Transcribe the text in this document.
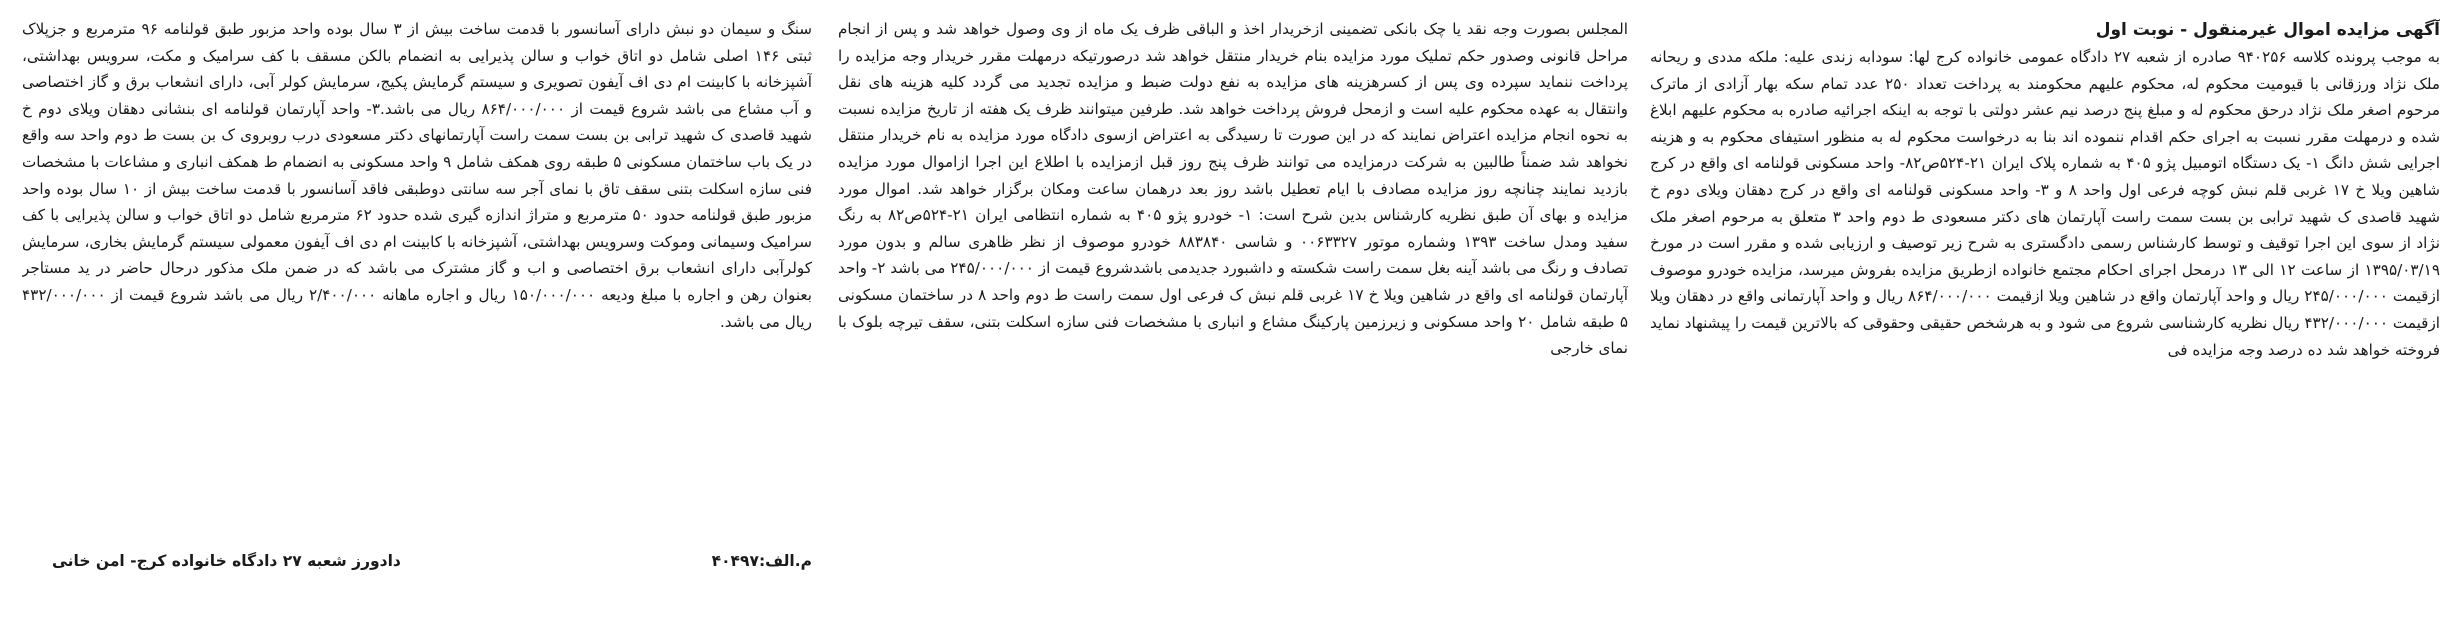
آگهی مزایده اموال غیرمنقول - نوبت اول
به موجب پرونده کلاسه ۹۴۰۲۵۶ صادره از شعبه ۲۷ دادگاه عمومی خانواده کرج لها: سودابه زندی علیه: ملکه مددی و ریحانه ملک نژاد ورزقانی با قیومیت محکوم له، محکوم علیهم محکومند به پرداخت تعداد ۲۵۰ عدد تمام سکه بهار آزادی از ماترک مرحوم اصغر ملک نژاد درحق محکوم له و مبلغ پنج درصد نیم عشر دولتی با توجه به اینکه اجرائیه صادره به محکوم علیهم ابلاغ شده و درمهلت مقرر نسبت به اجرای حکم اقدام ننموده اند بنا به درخواست محکوم له به منظور استیفای محکوم به و هزینه اجرایی شش دانگ ۱- یک دستگاه اتومبیل پژو ۴۰۵ به شماره پلاک ایران ۲۱-۵۲۴ص۸۲- واحد مسکونی قولنامه ای واقع در کرج شاهین ویلا خ ۱۷ غربی قلم نبش کوچه فرعی اول واحد ۸ و ۳- واحد مسکونی قولنامه ای واقع در کرج دهقان ویلای دوم خ شهید قاصدی ک شهید ترابی بن بست سمت راست آپارتمان های دکتر مسعودی ط دوم واحد ۳ متعلق به مرحوم اصغر ملک نژاد از سوی این اجرا توقیف و توسط کارشناس رسمی دادگستری به شرح زیر توصیف و ارزیابی شده و مقرر است در مورخ ۱۳۹۵/۰۳/۱۹ از ساعت ۱۲ الی ۱۳ درمحل اجرای احکام مجتمع خانواده ازطریق مزایده بفروش میرسد، مزایده خودرو موصوف ازقیمت ۲۴۵/۰۰۰/۰۰۰ ریال و واحد آپارتمان واقع در شاهین ویلا ازقیمت ۸۶۴/۰۰۰/۰۰۰ ریال و واحد آپارتمانی واقع در دهقان ویلا ازقیمت ۴۳۲/۰۰۰/۰۰۰ ریال نظریه کارشناسی شروع می شود و به هرشخص حقیقی وحقوقی که بالاترین قیمت را پیشنهاد نماید فروخته خواهد شد ده درصد وجه مزایده فی

المجلس بصورت وجه نقد یا چک بانکی تضمینی ازخریدار اخذ و الباقی ظرف یک ماه از وی وصول خواهد شد و پس از انجام مراحل قانونی وصدور حکم تملیک مورد مزایده بنام خریدار منتقل خواهد شد درصورتیکه درمهلت مقرر خریدار وجه مزایده را پرداخت ننماید سپرده وی پس از کسرهزینه های مزایده به نفع دولت ضبط و مزایده تجدید می گردد کلیه هزینه های نقل وانتقال به عهده محکوم علیه است و ازمحل فروش پرداخت خواهد شد. طرفین میتوانند ظرف یک هفته از تاریخ مزایده نسبت به نحوه انجام مزایده اعتراض نمایند که در این صورت تا رسیدگی به اعتراض ازسوی دادگاه مورد مزایده به نام خریدار منتقل نخواهد شد ضمناً طالبین به شرکت درمزایده می توانند ظرف پنج روز قبل ازمزایده با اطلاع این اجرا ازاموال مورد مزایده بازدید نمایند چنانچه روز مزایده مصادف با ایام تعطیل باشد روز بعد درهمان ساعت ومکان برگزار خواهد شد. اموال مورد مزایده و بهای آن طبق نظریه کارشناس بدین شرح است: ۱- خودرو پژو ۴۰۵ به شماره انتظامی ایران ۲۱-۵۲۴ص۸۲ به رنگ سفید ومدل ساخت ۱۳۹۳ وشماره موتور ۰۰۶۳۳۲۷ و شاسی ۸۸۳۸۴۰ خودرو موصوف از نظر ظاهری سالم و بدون مورد تصادف و رنگ می باشد آینه بغل سمت راست شکسته و داشبورد جدیدمی باشدشروع قیمت از ۲۴۵/۰۰۰/۰۰۰ می باشد ۲- واحد آپارتمان قولنامه ای واقع در شاهین ویلا خ ۱۷ غربی قلم نبش ک فرعی اول سمت راست ط دوم واحد ۸ در ساختمان مسکونی ۵ طبقه شامل ۲۰ واحد مسکونی و زیرزمین پارکینگ مشاع و انباری با مشخصات فنی سازه اسکلت بتنی، سقف تیرچه بلوک با نمای خارجی

سنگ و سیمان دو نبش دارای آسانسور با قدمت ساخت بیش از ۳ سال بوده واحد مزبور طبق قولنامه ۹۶ مترمربع و جزپلاک ثبتی ۱۴۶ اصلی شامل دو اتاق خواب و سالن پذیرایی به انضمام بالکن مسقف با کف سرامیک و مکت، سرویس بهداشتی، آشپزخانه با کابینت ام دی اف آیفون تصویری و سیستم گرمایش پکیج، سرمایش کولر آبی، دارای انشعاب برق و گاز اختصاصی و آب مشاع می باشد شروع قیمت از ۸۶۴/۰۰۰/۰۰۰ ریال می باشد.۳- واحد آپارتمان قولنامه ای بنشانی دهقان ویلای دوم خ شهید قاصدی ک شهید ترابی بن بست سمت راست آپارتمانهای دکتر مسعودی درب روبروی ک بن بست ط دوم واحد سه واقع در یک باب ساختمان مسکونی ۵ طبقه روی همکف شامل ۹ واحد مسکونی به انضمام ط همکف انباری و مشاعات با مشخصات فنی سازه اسکلت بتنی سقف تاق با نمای آجر سه سانتی دوطبقی فاقد آسانسور با قدمت ساخت بیش از ۱۰ سال بوده واحد مزبور طبق قولنامه حدود ۵۰ مترمربع و متراژ اندازه گیری شده حدود ۶۲ مترمربع شامل دو اتاق خواب و سالن پذیرایی با کف سرامیک وسیمانی وموکت وسرویس بهداشتی، آشپزخانه با کابینت ام دی اف آیفون معمولی سیستم گرمایش بخاری، سرمایش کولرآبی دارای انشعاب برق اختصاصی و اب و گاز مشترک می باشد که در ضمن ملک مذکور درحال حاضر در ید مستاجر بعنوان رهن و اجاره با مبلغ ودیعه ۱۵۰/۰۰۰/۰۰۰ ریال و اجاره ماهانه ۲/۴۰۰/۰۰۰ ریال می باشد شروع قیمت از ۴۳۲/۰۰۰/۰۰۰ ریال می باشد.

م.الف:۴۰۴۹۷
دادورز شعبه ۲۷ دادگاه خانواده کرج- امن خانی
